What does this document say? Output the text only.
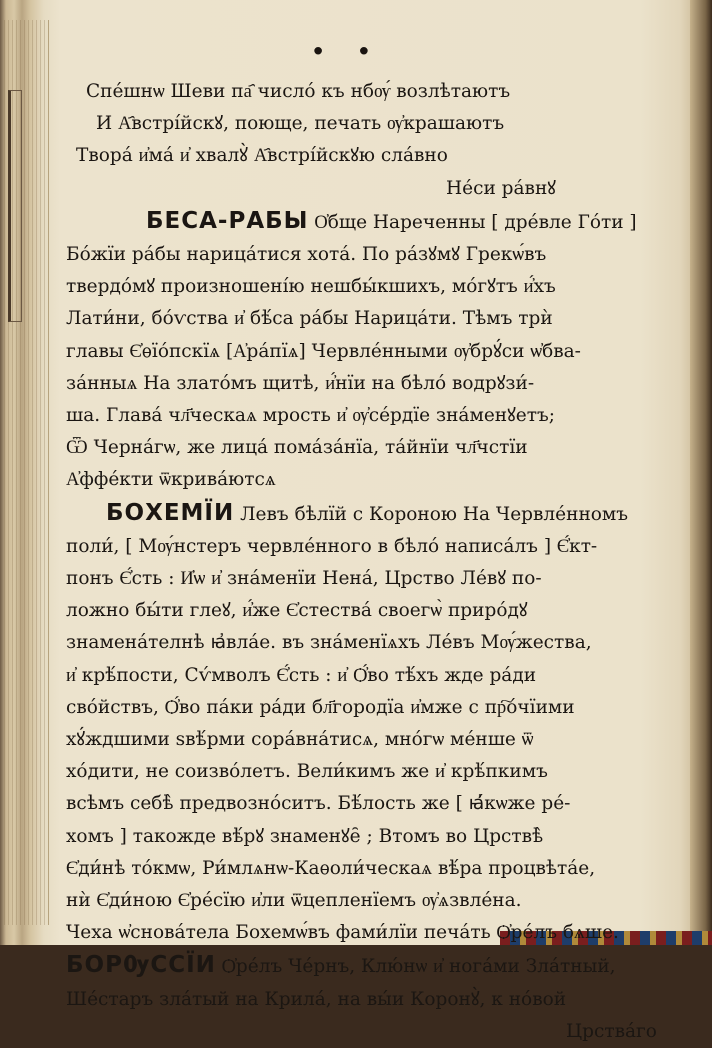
ꔷ ꔷ
Спе́шнѡ Шеви па҄ число́ къ нбѹ́ возлѣтаютъ
И А҄встрі́йскꙋ, поюще, печать ѹ҆крашаютъ
Твора́ и҆ма́ и҆ хвалꙋ̀ А҄встрі́йскꙋю сла́вно
Не́си ра́внꙋ
БЕСА-РАБЫ О҆бще Нареченны [ дре́вле Го́ти ]
Бо́жїи ра́бы нарица́тися хота́. По ра́зꙋмꙋ Грекѡ́въ
твердо́мꙋ произношені́ю нешбы́кшихъ, мо́гꙋтъ и҆́хъ
Лати́ни, бо́ѵства и҆ бѣ́са ра́бы Нарица́ти. Тѣмъ трѝ
главы Є҆ѳїо́пскїѧ [А҆ра́пїѧ] Червле́нными ѹ҆брꙋ́си ѡ҆бва-
за́нныѧ На злато́мъ щитѣ, и҆́нїи на бѣло́ водрꙋзи́-
ша. Глава́ чл҃ческаѧ мрость и҆ ѹ҆се́рдїе зна́менꙋетъ;
Ѿ Черна́гѡ, же лица́ пома́за́нїа, та́йнїи чл҃чстїи
А҆ффе́кти ѿкрива́ютсѧ
БОХЕМЇИ Левъ бѣлїй с Короною На Червле́нномъ
поли́, [ Мѹ́нстеръ червле́нного в бѣло́ написа́лъ ] Є҆́кт-
понъ Є҆́сть : И҆ѡ и҆ зна́менїи Нена́, Црство Ле́вꙋ по-
ложно бы́ти глеꙋ, и҆́же Є҆стества́ своегѡ̀ приро́дꙋ
знамена́телнѣ ꙗ҆вла́е. въ зна́менїѧхъ Ле́въ Мѹ́жества,
и҆ крѣ́пости, Сѵ́мволъ Є҆́сть : и҆ Ѻ҆́во тѣ́хъ жде ра́ди
сво́йствъ, Ѻ҆́во па́ки ра́ди бл҃городїа и҆мже с пр҇о́чїими
хꙋ́ждшими ѕвѣ́рми сора́вна́тисѧ, мно́гѡ ме́нше ѿ
хо́дити, не соизво́летъ. Вели́кимъ же и҆ крѣ́пкимъ
всѣмъ себѣ̀ предвозно́ситъ. Бѣ́лость же [ ꙗ҆́кѡже ре́-
хомъ ] такожде вѣ́рꙋ знаменꙋе̑ ; Втомъ во Црствѣ̀
Є҆ди́нѣ то́кмѡ, Ри́млѧнѡ-Каѳоли́ческаѧ вѣ́ра процвѣта́е,
нѝ Є҆ди́ною Є҆ре́сїю и҆ли ѿцепленїемъ ѹ҆ѧзвле́на.
Чеха ѡ҆снова́тела Бохемѡ́въ фами́лїи печа́ть Ѻ҆ре́лъ бѧше.
БОРѸССЇИ Ѻ҆ре́лъ Че́рнъ, Клю́нѡ и҆ нога́ми Зла́тный,
Ше́старъ зла́тый на Крила́, на вы́и Коронꙋ̀, к но́вой
Црства́го
